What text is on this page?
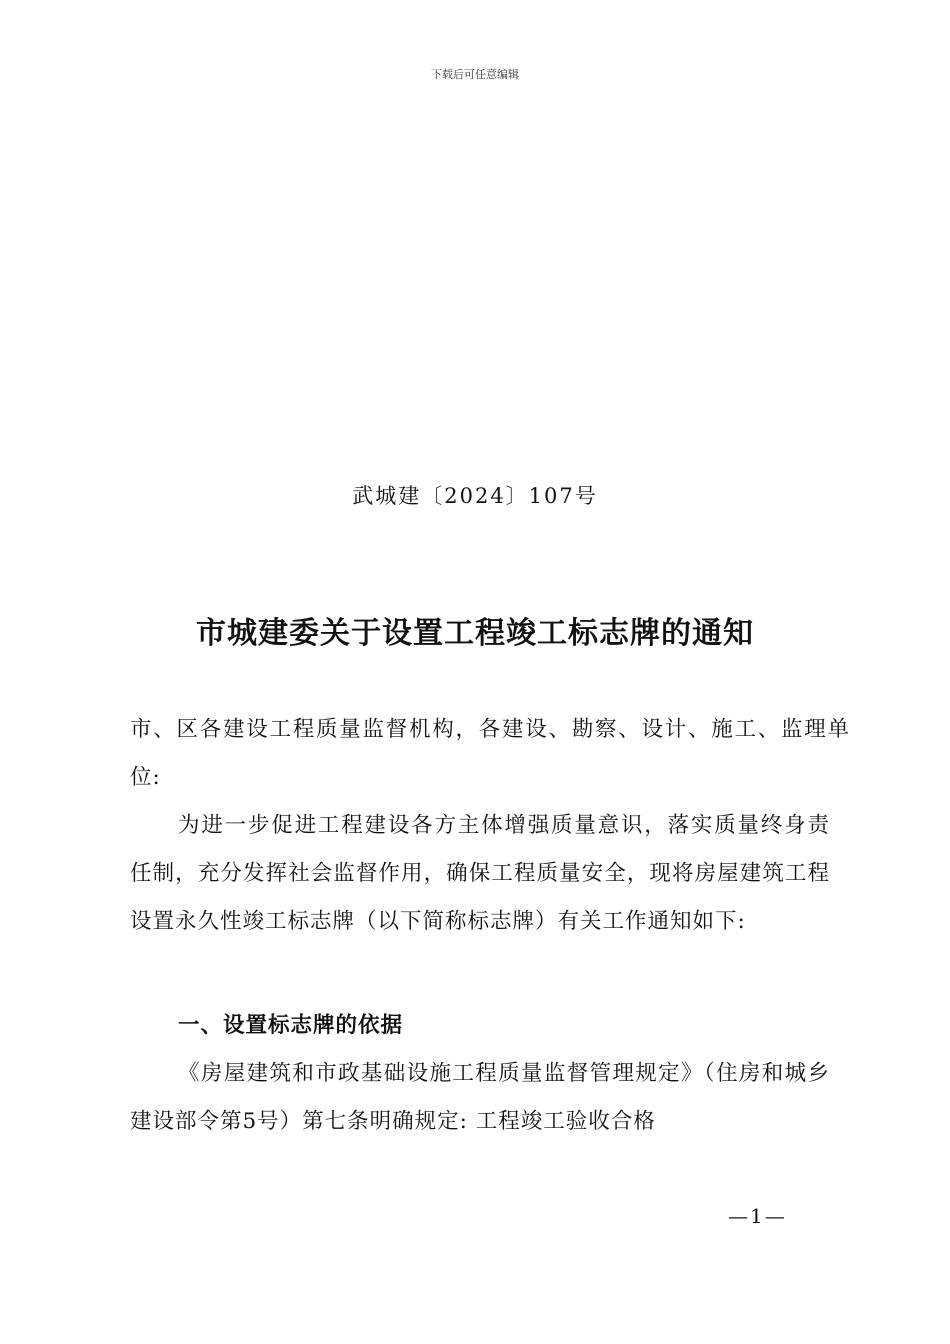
下载后可任意编辑
武城建〔2024〕107号
市城建委关于设置工程竣工标志牌的通知

市、区各建设工程质量监督机构，各建设、勘察、设计、施工、监理单位:

为进一步促进工程建设各方主体增强质量意识，落实质量终身责任制，充分发挥社会监督作用，确保工程质量安全，现将房屋建筑工程设置永久性竣工标志牌（以下简称标志牌）有关工作通知如下:

一、设置标志牌的依据

《房屋建筑和市政基础设施工程质量监督管理规定》（住房和城乡建设部令第5号）第七条明确规定: 工程竣工验收合格

—1—
